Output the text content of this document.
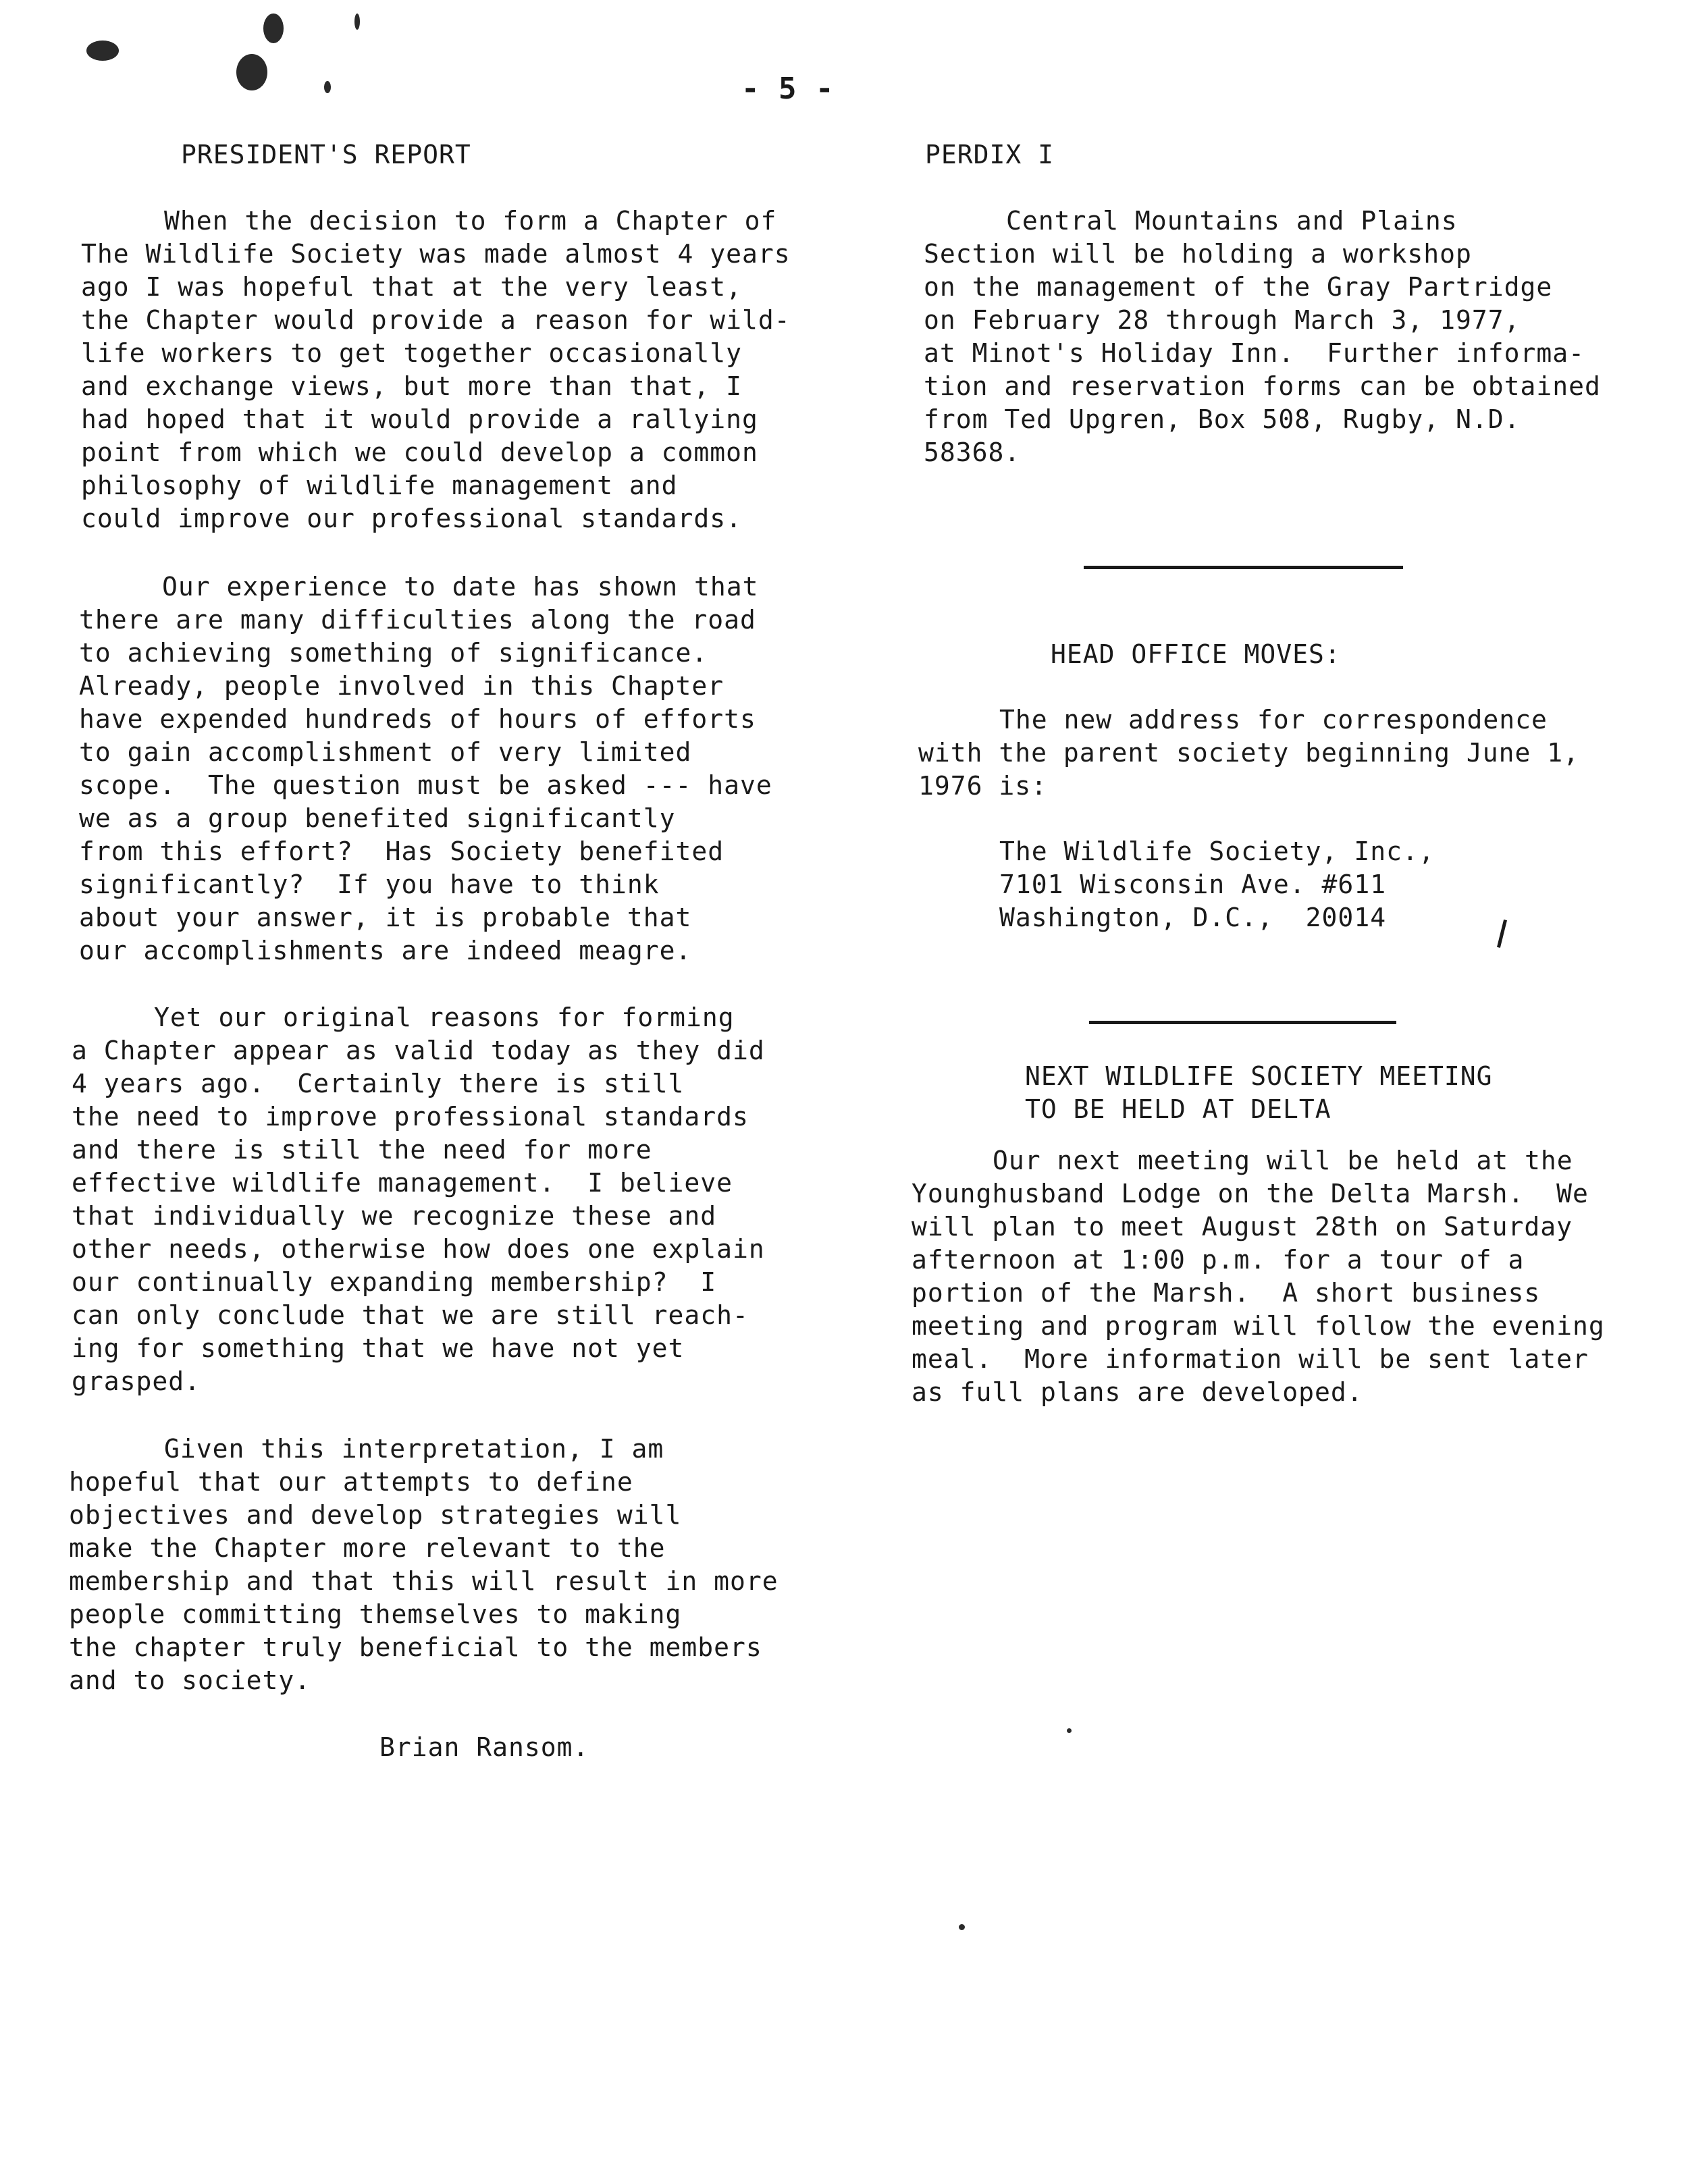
- 5 -
PRESIDENT'S REPORT
When the decision to form a Chapter of
The Wildlife Society was made almost 4 years
ago I was hopeful that at the very least,
the Chapter would provide a reason for wild-
life workers to get together occasionally
and exchange views, but more than that, I
had hoped that it would provide a rallying
point from which we could develop a common
philosophy of wildlife management and
could improve our professional standards.
Our experience to date has shown that
there are many difficulties along the road
to achieving something of significance.
Already, people involved in this Chapter
have expended hundreds of hours of efforts
to gain accomplishment of very limited
scope.  The question must be asked --- have
we as a group benefited significantly
from this effort?  Has Society benefited
significantly?  If you have to think
about your answer, it is probable that
our accomplishments are indeed meagre.
Yet our original reasons for forming
a Chapter appear as valid today as they did
4 years ago.  Certainly there is still
the need to improve professional standards
and there is still the need for more
effective wildlife management.  I believe
that individually we recognize these and
other needs, otherwise how does one explain
our continually expanding membership?  I
can only conclude that we are still reach-
ing for something that we have not yet
grasped.
Given this interpretation, I am
hopeful that our attempts to define
objectives and develop strategies will
make the Chapter more relevant to the
membership and that this will result in more
people committing themselves to making
the chapter truly beneficial to the members
and to society.
Brian Ransom.
PERDIX I
Central Mountains and Plains
Section will be holding a workshop
on the management of the Gray Partridge
on February 28 through March 3, 1977,
at Minot's Holiday Inn.  Further informa-
tion and reservation forms can be obtained
from Ted Upgren, Box 508, Rugby, N.D.
58368.
HEAD OFFICE MOVES:
The new address for correspondence
with the parent society beginning June 1,
1976 is:
The Wildlife Society, Inc.,
7101 Wisconsin Ave. #611
Washington, D.C.,  20014
NEXT WILDLIFE SOCIETY MEETING
TO BE HELD AT DELTA
Our next meeting will be held at the
Younghusband Lodge on the Delta Marsh.  We
will plan to meet August 28th on Saturday
afternoon at 1:00 p.m. for a tour of a
portion of the Marsh.  A short business
meeting and program will follow the evening
meal.  More information will be sent later
as full plans are developed.
